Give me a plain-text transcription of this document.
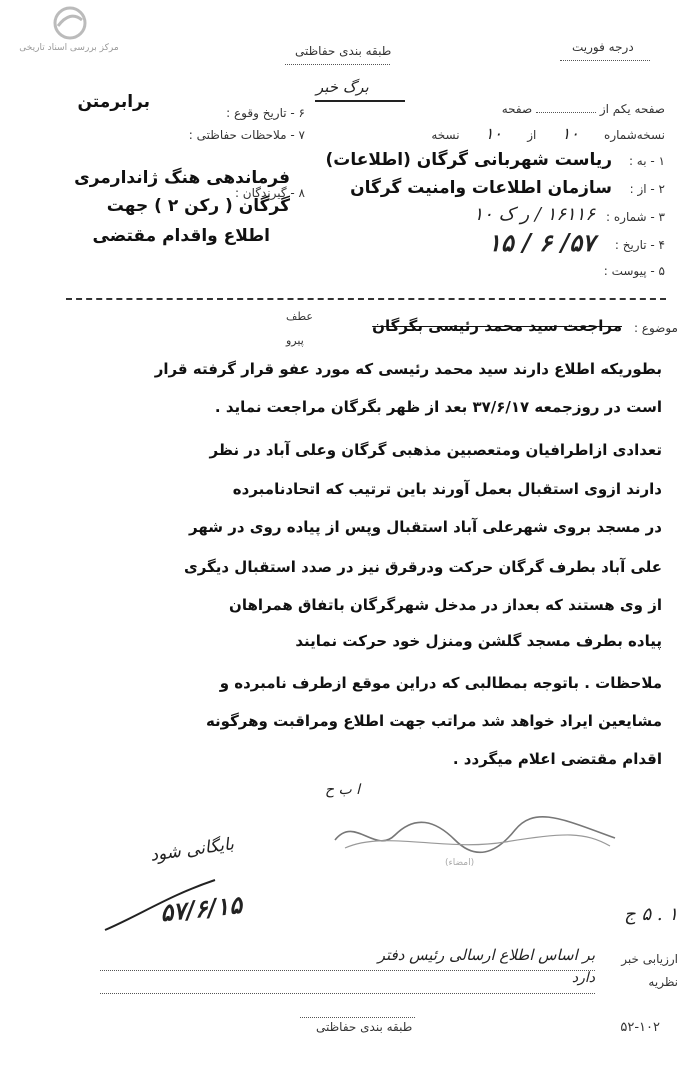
مرکز بررسی اسناد تاریخی	طبقه بندی حفاظتی	درجه فوریت
برگ خبر
صفحه یکم از  صفحه
نسخه‌شماره ۱۰ از ۱۰ نسخه
۱ - به :
ریاست شهربانی گرگان (اطلاعات)
۲ - از :
سازمان اطلاعات وامنیت گرگان
۳ - شماره :
۱۶۱۱۶ / ر ک ۱۰
۴ - تاریخ :
۵۷/ ۶ / ۱۵
۵ - پیوست :
۶ - تاریخ وقوع :
برابرمتن
۷ - ملاحظات حفاظتی :
۸ - گیرندگان :
فرماندهی هنگ ژاندارمری
گرگان ( رکن ۲ ) جهت
اطلاع واقدام مقتضی
موضوع :
مراجعت سید محمد رئیسی بگرگان
عطف
پیرو
بطوریکه اطلاع دارند سید محمد رئیسی که مورد عفو قرار گرفته قرار
است در روزجمعه ۳۷/۶/۱۷ بعد از ظهر بگرگان مراجعت نماید .
تعدادی ازاطرافیان ومتعصبین مذهبی گرگان وعلی آباد در نظر
دارند ازوی استقبال بعمل آورند باین ترتیب که اتحادنامبرده
در مسجد بروی شهرعلی آباد استقبال وپس از پیاده روی در شهر
علی آباد بطرف گرگان حرکت ودرقرق نیز در صدد استقبال دیگری
از وی هستند که بعداز در مدخل شهرگرگان باتفاق همراهان
پیاده بطرف مسجد گلشن ومنزل خود حرکت نمایند
ملاحظات . باتوجه بمطالبی که دراین موقع ازطرف نامبرده و
مشایعین ایراد خواهد شد مراتب جهت اطلاع ومراقبت وهرگونه
اقدام مقتضی اعلام میگردد .
ا ب ح
(امضاء)
بایگانی شود
۵۷/۶/۱۵	۱ . ۵ ج
ارزیابی خبر
بر اساس اطلاع ارسالی رئیس دفتر
نظریه
دارد
طبقه بندی حفاظتی	۵۲-۱۰۲
